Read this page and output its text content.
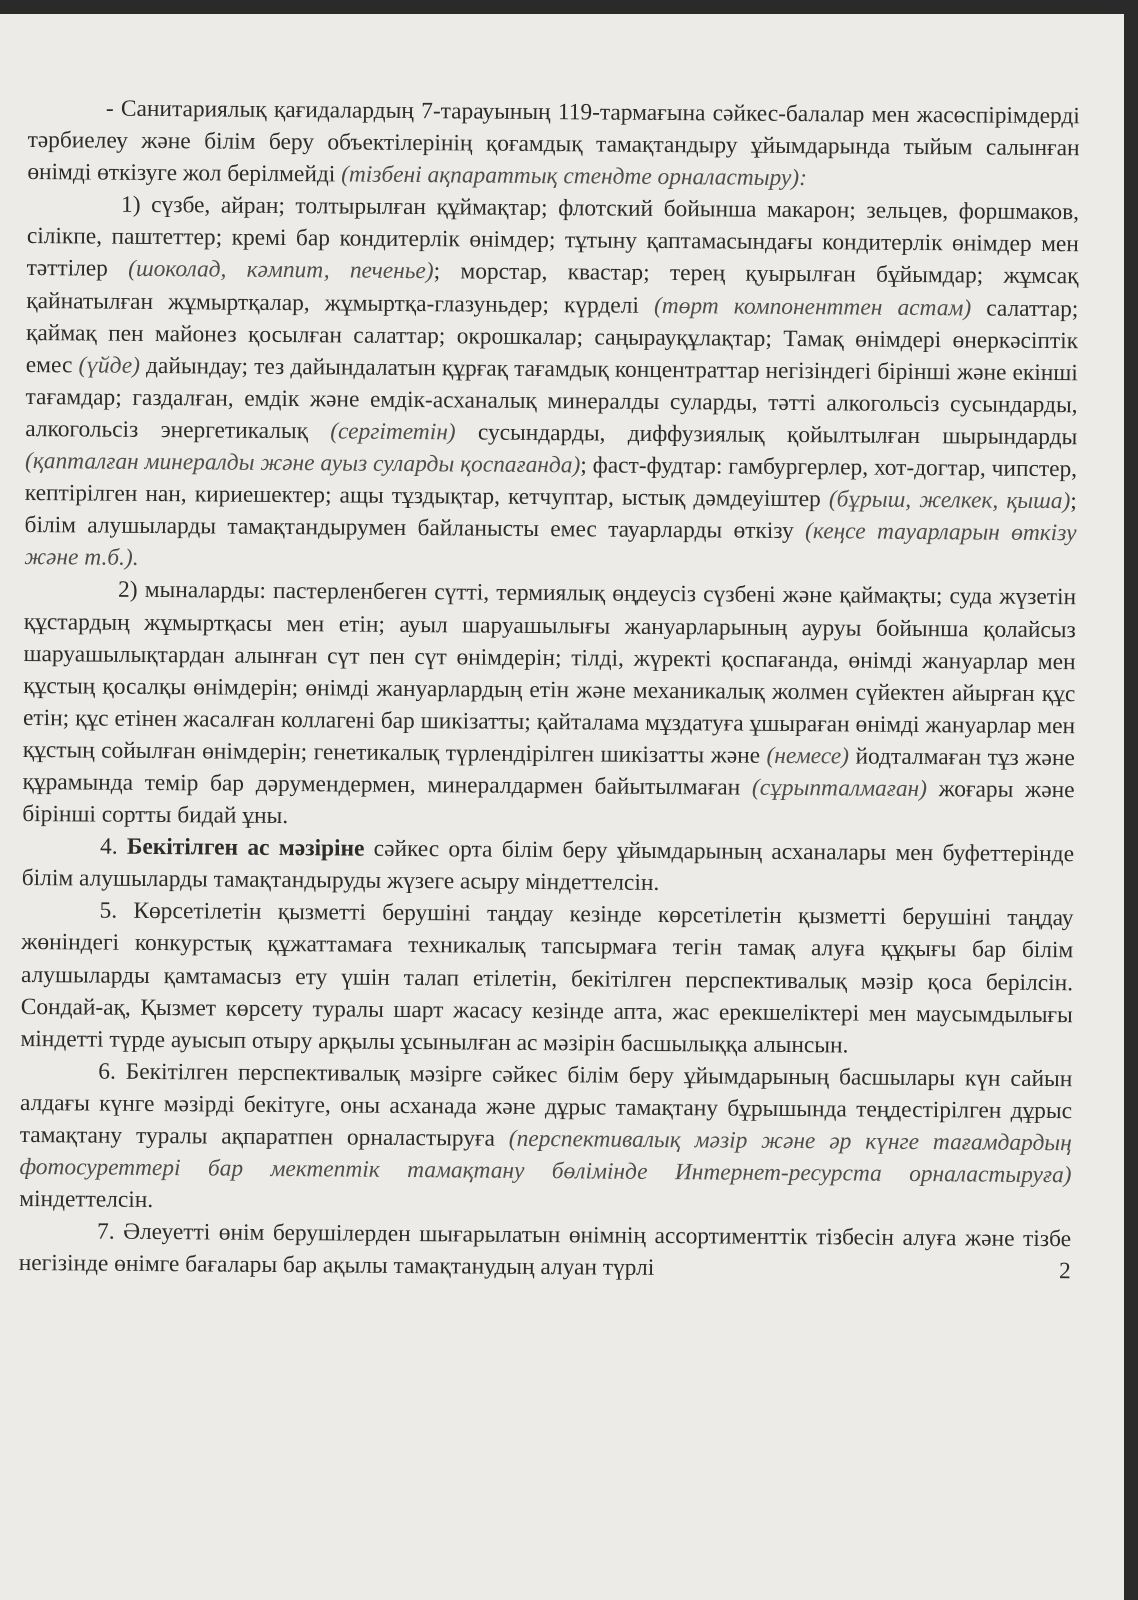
- Санитариялық қағидалардың 7-тарауының 119-тармағына сәйкес-балалар мен жасөспірімдерді тәрбиелеу және білім беру объектілерінің қоғамдық тамақтандыру ұйымдарында тыйым салынған өнімді өткізуге жол берілмейді (тізбені ақпараттық стендте орналастыру):

1) сүзбе, айран; толтырылған құймақтар; флотский бойынша макарон; зельцев, форшмаков, сілікпе, паштеттер; кремі бар кондитерлік өнімдер; тұтыну қаптамасындағы кондитерлік өнімдер мен тәттілер (шоколад, кәмпит, печенье); морстар, квастар; терең қуырылған бұйымдар; жұмсақ қайнатылған жұмыртқалар, жұмыртқа-глазуньдер; күрделі (төрт компоненттен астам) салаттар; қаймақ пен майонез қосылған салаттар; окрошкалар; саңырауқұлақтар; Тамақ өнімдері өнеркәсіптік емес (үйде) дайындау; тез дайындалатын құрғақ тағамдық концентраттар негізіндегі бірінші және екінші тағамдар; газдалған, емдік және емдік-асханалық минералды суларды, тәтті алкогольсіз сусындарды, алкогольсіз энергетикалық (сергітетін) сусындарды, диффузиялық қойылтылған шырындарды (қапталған минералды және ауыз суларды қоспағанда); фаст-фудтар: гамбургерлер, хот-догтар, чипстер, кептірілген нан, кириешектер; ащы тұздықтар, кетчуптар, ыстық дәмдеуіштер (бұрыш, желкек, қыша); білім алушыларды тамақтандырумен байланысты емес тауарларды өткізу (кеңсе тауарларын өткізу және т.б.).

2) мыналарды: пастерленбеген сүтті, термиялық өңдеусіз сүзбені және қаймақты; суда жүзетін құстардың жұмыртқасы мен етін; ауыл шаруашылығы жануарларының ауруы бойынша қолайсыз шаруашылықтардан алынған сүт пен сүт өнімдерін; тілді, жүректі қоспағанда, өнімді жануарлар мен құстың қосалқы өнімдерін; өнімді жануарлардың етін және механикалық жолмен сүйектен айырған құс етін; құс етінен жасалған коллагені бар шикізатты; қайталама мұздатуға ұшыраған өнімді жануарлар мен құстың сойылған өнімдерін; генетикалық түрлендірілген шикізатты және (немесе) йодталмаған тұз және құрамында темір бар дәрумендермен, минералдармен байытылмаған (сұрыпталмаған) жоғары және бірінші сортты бидай ұны.

4. Бекітілген ас мәзіріне сәйкес орта білім беру ұйымдарының асханалары мен буфеттерінде білім алушыларды тамақтандыруды жүзеге асыру міндеттелсін.

5. Көрсетілетін қызметті берушіні таңдау кезінде көрсетілетін қызметті берушіні таңдау жөніндегі конкурстық құжаттамаға техникалық тапсырмаға тегін тамақ алуға құқығы бар білім алушыларды қамтамасыз ету үшін талап етілетін, бекітілген перспективалық мәзір қоса берілсін. Сондай-ақ, Қызмет көрсету туралы шарт жасасу кезінде апта, жас ерекшеліктері мен маусымдылығы міндетті түрде ауысып отыру арқылы ұсынылған ас мәзірін басшылыққа алынсын.

6. Бекітілген перспективалық мәзірге сәйкес білім беру ұйымдарының басшылары күн сайын алдағы күнге мәзірді бекітуге, оны асханада және дұрыс тамақтану бұрышында теңдестірілген дұрыс тамақтану туралы ақпаратпен орналастыруға (перспективалық мәзір және әр күнге тағамдардың фотосуреттері бар мектептік тамақтану бөлімінде Интернет-ресурста орналастыруға) міндеттелсін.

7. Әлеуетті өнім берушілерден шығарылатын өнімнің ассортименттік тізбесін алуға және тізбе негізінде өнімге бағалары бар ақылы тамақтанудың алуан түрлі	2
